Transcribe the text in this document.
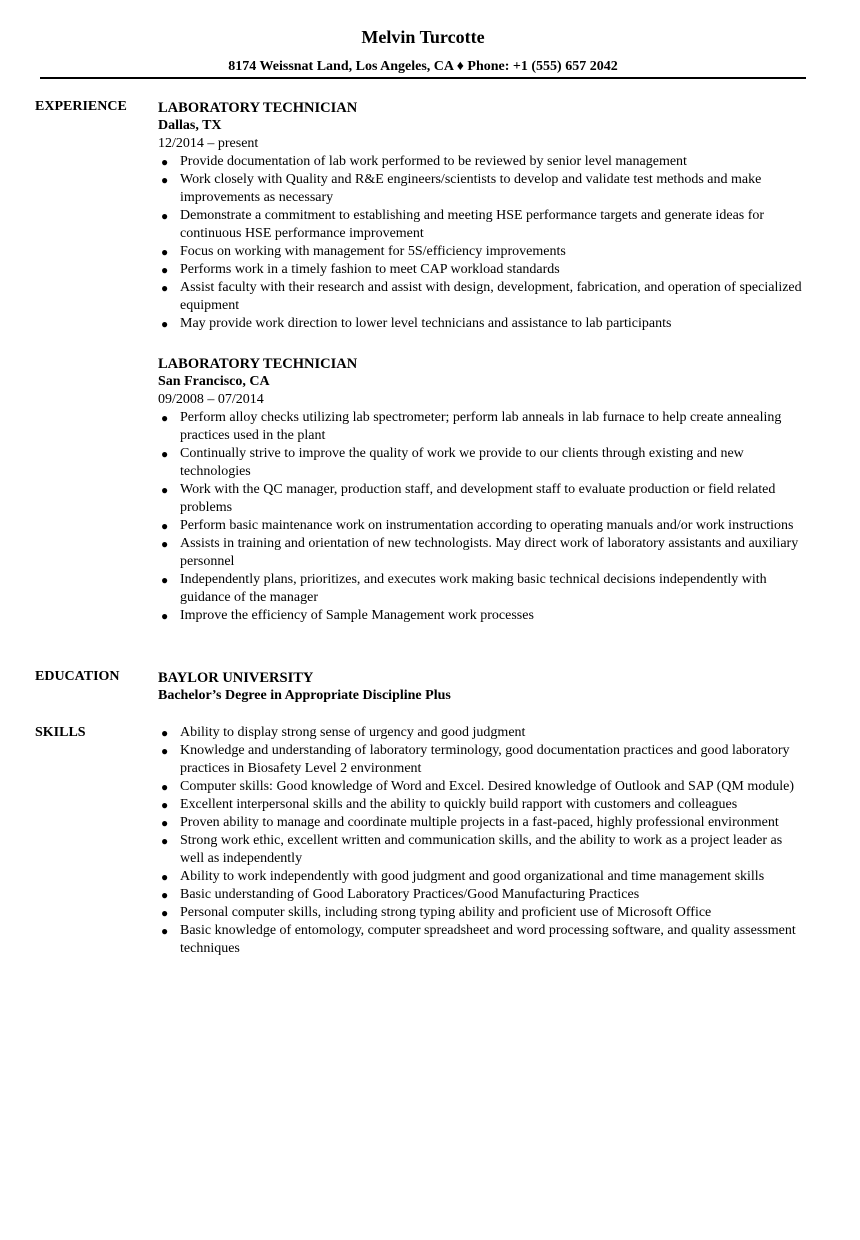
Melvin Turcotte
8174 Weissnat Land, Los Angeles, CA ♦ Phone: +1 (555) 657 2042
EXPERIENCE LABORATORY TECHNICIAN
Dallas, TX
12/2014 – present
● Provide documentation of lab work performed to be reviewed by senior level management
● Work closely with Quality and R&E engineers/scientists to develop and validate test methods and make improvements as necessary
● Demonstrate a commitment to establishing and meeting HSE performance targets and generate ideas for continuous HSE performance improvement
● Focus on working with management for 5S/efficiency improvements
● Performs work in a timely fashion to meet CAP workload standards
● Assist faculty with their research and assist with design, development, fabrication, and operation of specialized equipment
● May provide work direction to lower level technicians and assistance to lab participants
LABORATORY TECHNICIAN
San Francisco, CA
09/2008 – 07/2014
● Perform alloy checks utilizing lab spectrometer; perform lab anneals in lab furnace to help create annealing practices used in the plant
● Continually strive to improve the quality of work we provide to our clients through existing and new technologies
● Work with the QC manager, production staff, and development staff to evaluate production or field related problems
● Perform basic maintenance work on instrumentation according to operating manuals and/or work instructions
● Assists in training and orientation of new technologists. May direct work of laboratory assistants and auxiliary personnel
● Independently plans, prioritizes, and executes work making basic technical decisions independently with guidance of the manager
● Improve the efficiency of Sample Management work processes
EDUCATION	BAYLOR UNIVERSITY
Bachelor’s Degree in Appropriate Discipline Plus
SKILLS	● Ability to display strong sense of urgency and good judgment
● Knowledge and understanding of laboratory terminology, good documentation practices and good laboratory practices in Biosafety Level 2 environment
● Computer skills: Good knowledge of Word and Excel. Desired knowledge of Outlook and SAP (QM module)
● Excellent interpersonal skills and the ability to quickly build rapport with customers and colleagues
● Proven ability to manage and coordinate multiple projects in a fast-paced, highly professional environment
● Strong work ethic, excellent written and communication skills, and the ability to work as a project leader as well as independently
● Ability to work independently with good judgment and good organizational and time management skills
● Basic understanding of Good Laboratory Practices/Good Manufacturing Practices
● Personal computer skills, including strong typing ability and proficient use of Microsoft Office
● Basic knowledge of entomology, computer spreadsheet and word processing software, and quality assessment techniques
